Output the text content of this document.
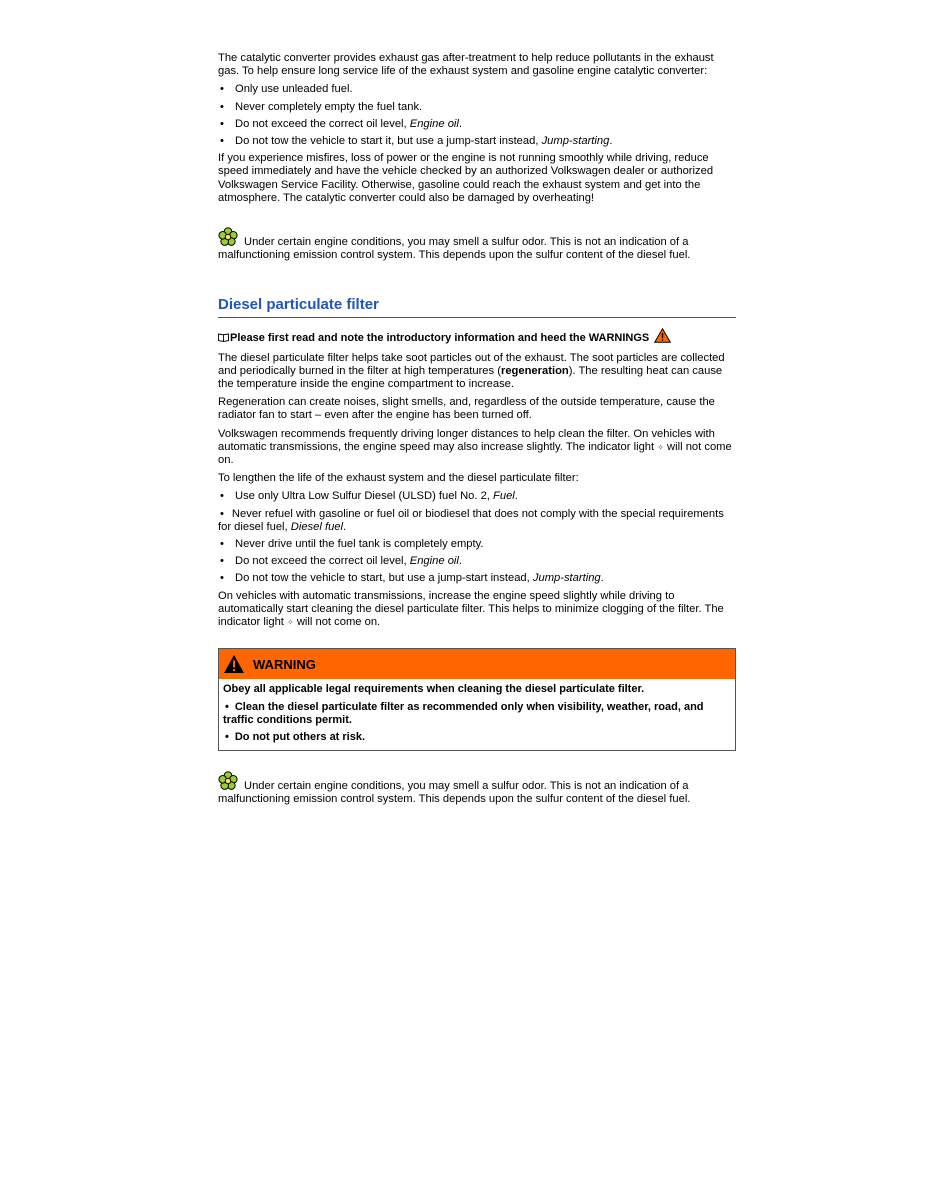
The catalytic converter provides exhaust gas after-treatment to help reduce pollutants in the exhaust gas. To help ensure long service life of the exhaust system and gasoline engine catalytic converter:

• Only use unleaded fuel.
• Never completely empty the fuel tank.
• Do not exceed the correct oil level, Engine oil.
• Do not tow the vehicle to start it, but use a jump-start instead, Jump-starting.

If you experience misfires, loss of power or the engine is not running smoothly while driving, reduce speed immediately and have the vehicle checked by an authorized Volkswagen dealer or authorized Volkswagen Service Facility. Otherwise, gasoline could reach the exhaust system and get into the atmosphere. The catalytic converter could also be damaged by overheating!

Under certain engine conditions, you may smell a sulfur odor. This is not an indication of a malfunctioning emission control system. This depends upon the sulfur content of the diesel fuel.

Diesel particulate filter

Please first read and note the introductory information and heed the WARNINGS

The diesel particulate filter helps take soot particles out of the exhaust. The soot particles are collected and periodically burned in the filter at high temperatures (regeneration). The resulting heat can cause the temperature inside the engine compartment to increase.

Regeneration can create noises, slight smells, and, regardless of the outside temperature, cause the radiator fan to start – even after the engine has been turned off.

Volkswagen recommends frequently driving longer distances to help clean the filter. On vehicles with automatic transmissions, the engine speed may also increase slightly. The indicator light ✧ will not come on.

To lengthen the life of the exhaust system and the diesel particulate filter:

• Use only Ultra Low Sulfur Diesel (ULSD) fuel No. 2, Fuel.
• Never refuel with gasoline or fuel oil or biodiesel that does not comply with the special requirements for diesel fuel, Diesel fuel.
• Never drive until the fuel tank is completely empty.
• Do not exceed the correct oil level, Engine oil.
• Do not tow the vehicle to start, but use a jump-start instead, Jump-starting.

On vehicles with automatic transmissions, increase the engine speed slightly while driving to automatically start cleaning the diesel particulate filter. This helps to minimize clogging of the filter. The indicator light ✧ will not come on.

WARNING

Obey all applicable legal requirements when cleaning the diesel particulate filter.

• Clean the diesel particulate filter as recommended only when visibility, weather, road, and traffic conditions permit.

• Do not put others at risk.

Under certain engine conditions, you may smell a sulfur odor. This is not an indication of a malfunctioning emission control system. This depends upon the sulfur content of the diesel fuel.
